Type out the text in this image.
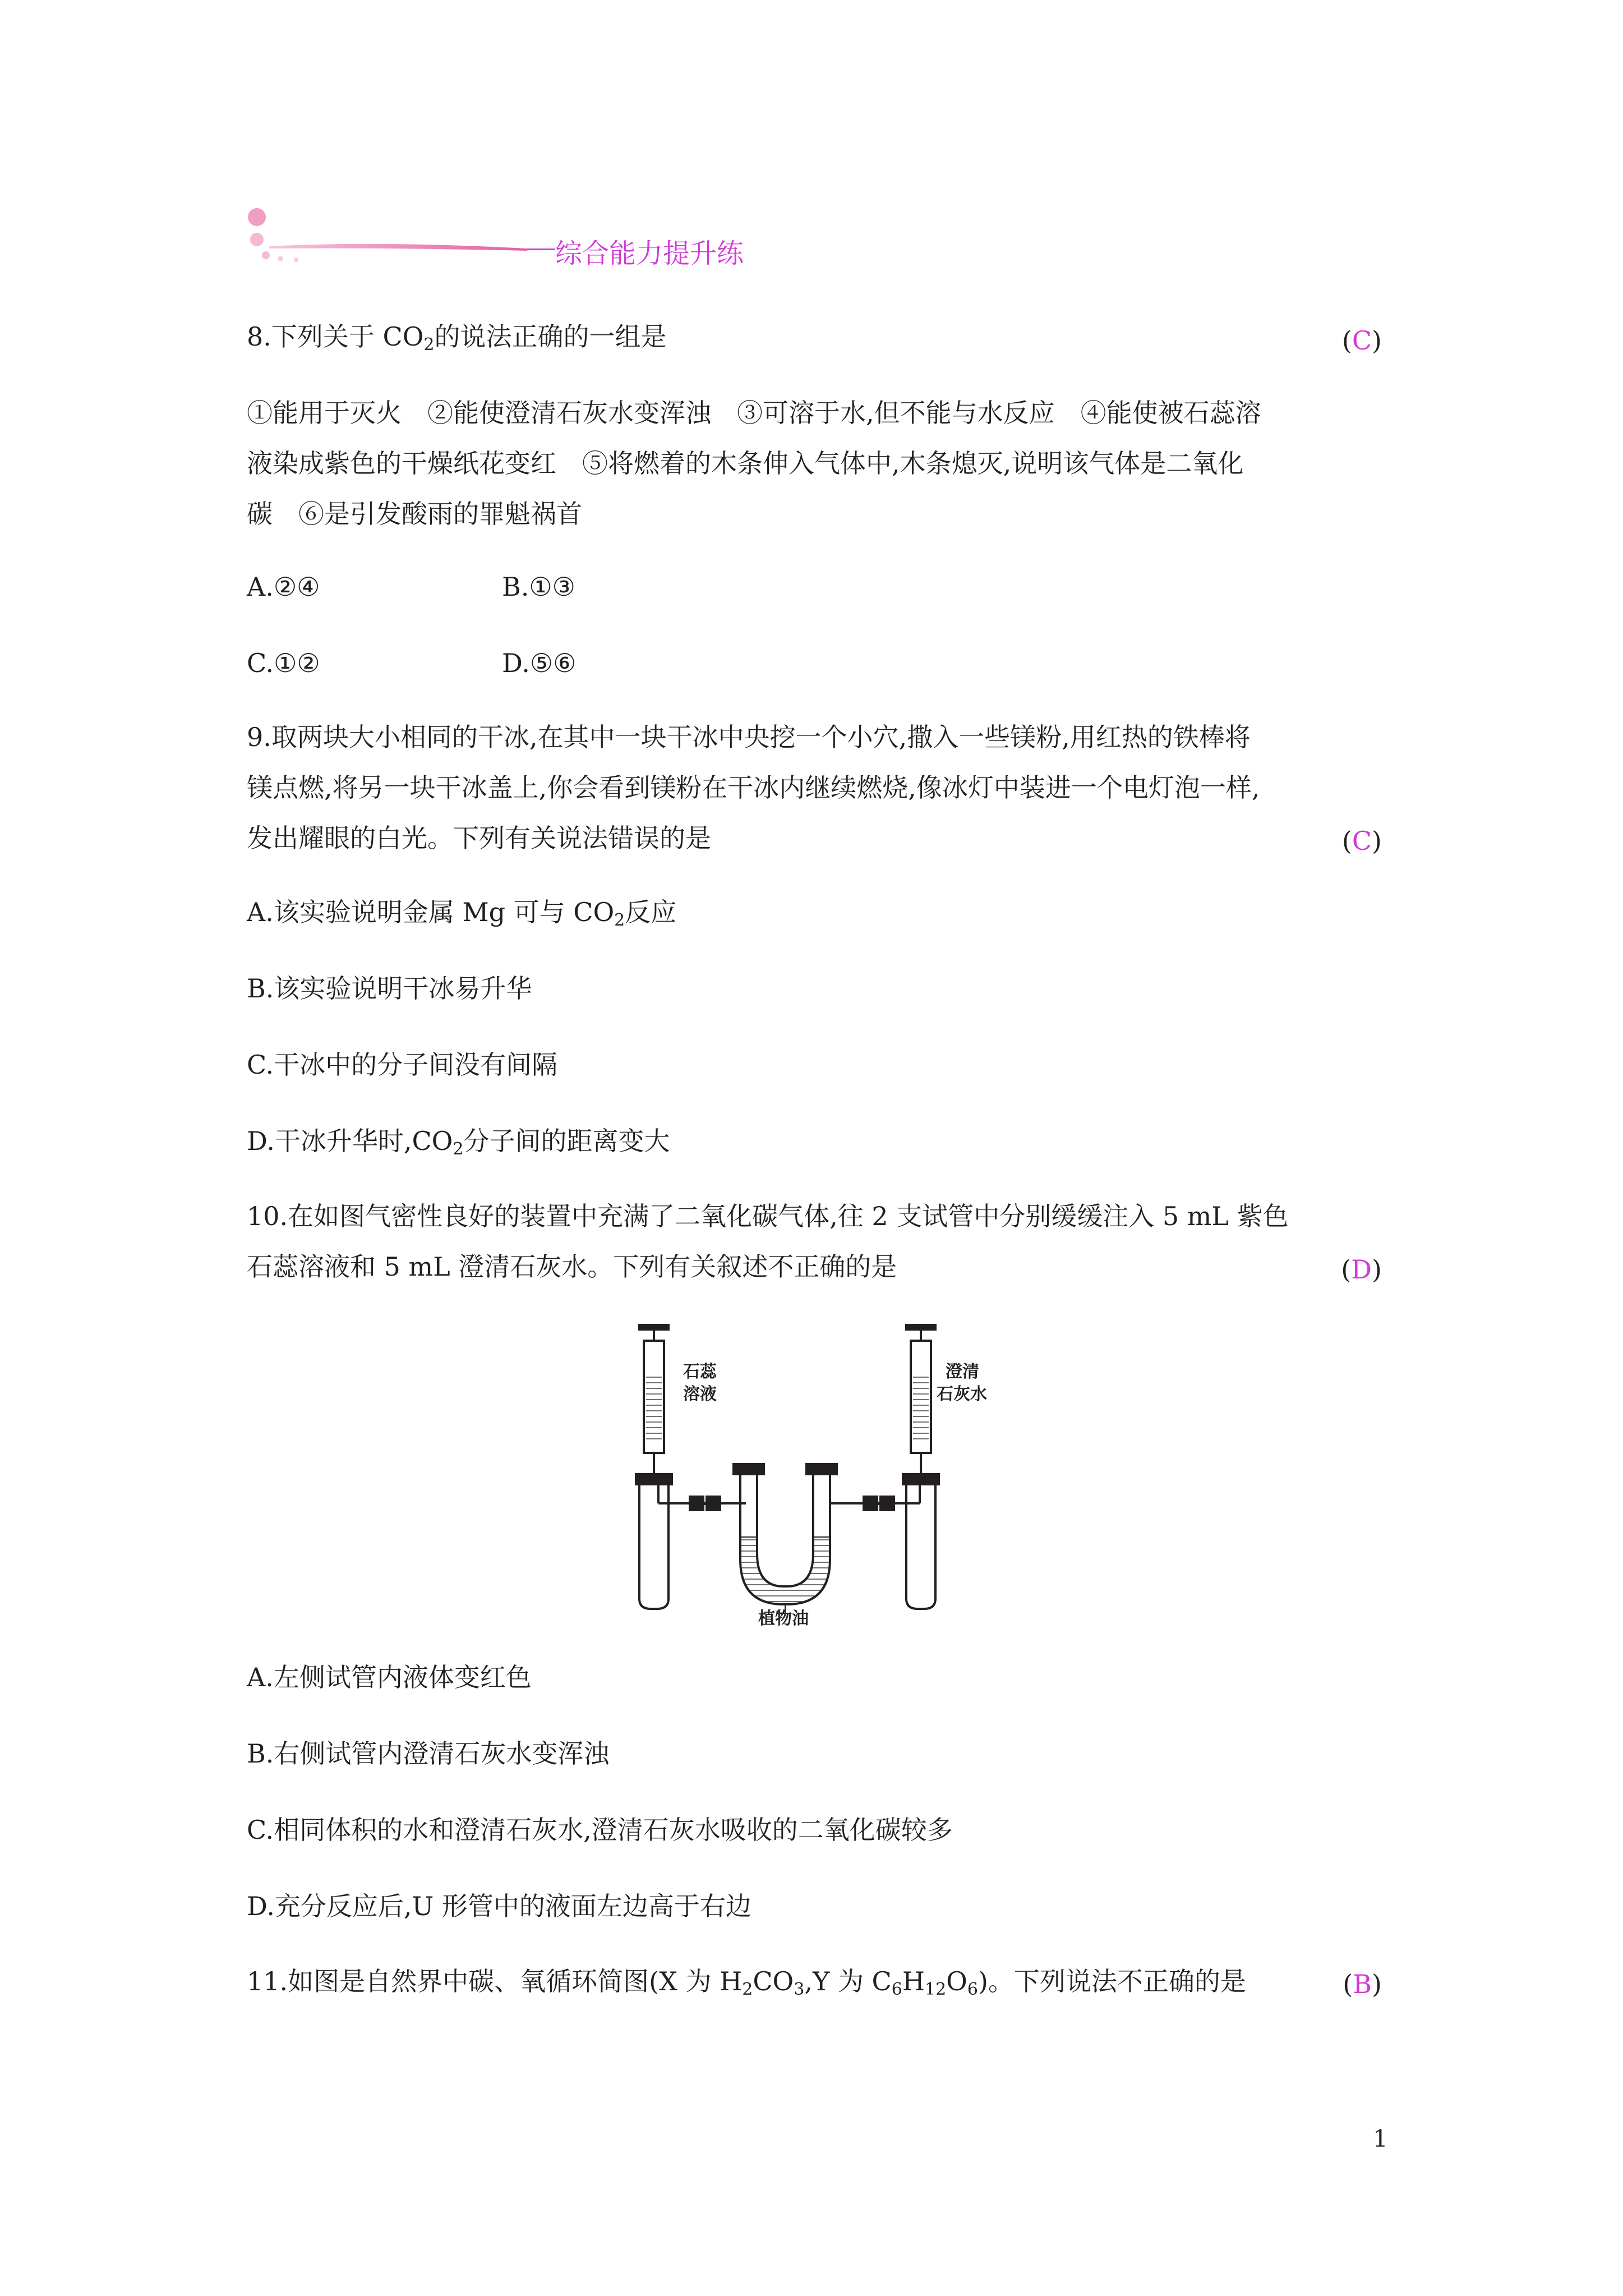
综合能力提升练
8.下列关于 $CO_2$的说法正确的一组是	(C)
①能用于灭火　②能使澄清石灰水变浑浊　③可溶于水,但不能与水反应　④能使被石蕊溶
液染成紫色的干燥纸花变红　⑤将燃着的木条伸入气体中,木条熄灭,说明该气体是二氧化
碳　⑥是引发酸雨的罪魁祸首
A.②④	B.①③
C.①②	D.⑤⑥
9.取两块大小相同的干冰,在其中一块干冰中央挖一个小穴,撒入一些镁粉,用红热的铁棒将
镁点燃,将另一块干冰盖上,你会看到镁粉在干冰内继续燃烧,像冰灯中装进一个电灯泡一样,
发出耀眼的白光。下列有关说法错误的是	(C)
A.该实验说明金属 Mg 可与 $CO_2$反应
B.该实验说明干冰易升华
C.干冰中的分子间没有间隔
D.干冰升华时$,CO_2$分子间的距离变大
10.在如图气密性良好的装置中充满了二氧化碳气体,往 2 支试管中分别缓缓注入 5 mL 紫色
石蕊溶液和 5 mL 澄清石灰水。下列有关叙述不正确的是	(D)
石蕊
溶液
澄清
石灰水
植物油
A.左侧试管内液体变红色
B.右侧试管内澄清石灰水变浑浊
C.相同体积的水和澄清石灰水,澄清石灰水吸收的二氧化碳较多
D.充分反应后,U 形管中的液面左边高于右边
11.如图是自然界中碳、氧循环简图(X 为 $H_2CO_3,Y$ 为 $C_6H_{12}O_6$)。下列说法不正确的是	(B)
1
